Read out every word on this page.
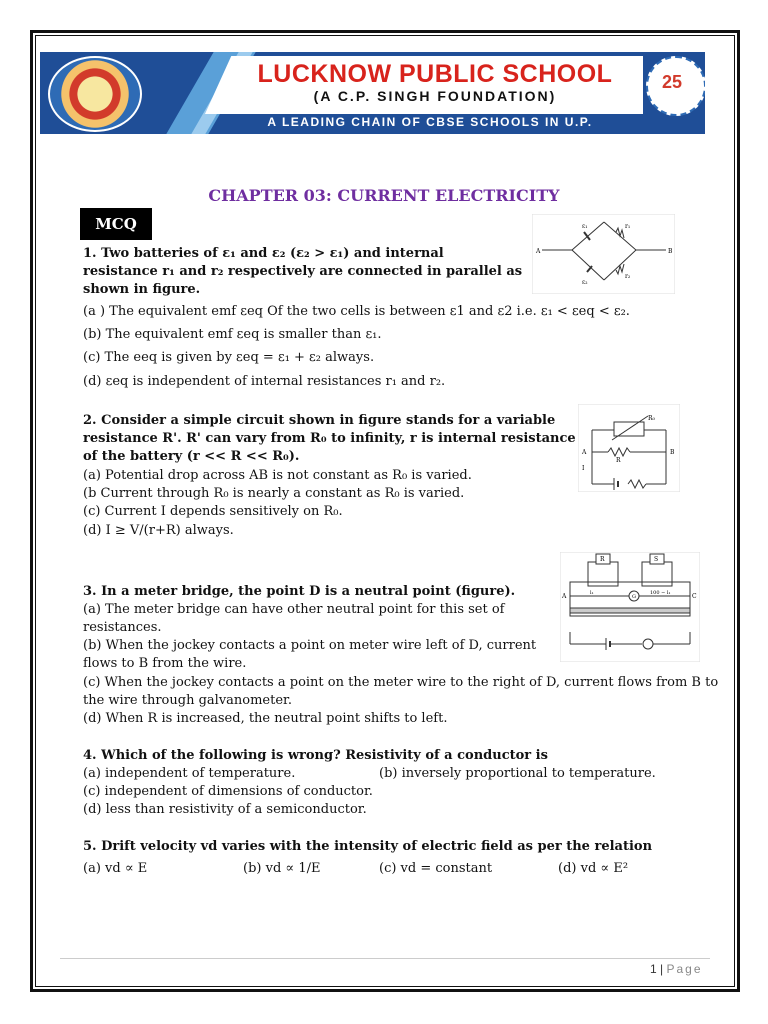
25
LUCKNOW PUBLIC SCHOOL
(A C.P. SINGH FOUNDATION)
A LEADING CHAIN OF CBSE SCHOOLS IN U.P.
CHAPTER 03: CURRENT ELECTRICITY
MCQ
1. Two batteries of ε₁ and ε₂ (ε₂ > ε₁) and internal
resistance r₁ and r₂ respectively are connected in parallel as
shown in figure.
(a ) The equivalent emf εeq Of the two cells is between ε1 and ε2 i.e. ε₁ < εeq < ε₂.
(b) The equivalent emf εeq is smaller than ε₁.
(c) The eeq is given by εeq = ε₁ + ε₂ always.
(d) εeq is independent of internal resistances r₁ and r₂.
A	B
ε₁
ε₂
r₁
r₂
2. Consider a simple circuit shown in figure stands for a variable
resistance R'. R' can vary from R₀ to infinity, r is internal resistance
of the battery (r << R << R₀).
(a) Potential drop across AB is not constant as R₀ is varied.
(b Current through R₀ is nearly a constant as R₀ is varied.
(c) Current I depends sensitively on R₀.
(d) I ≥ V/(r+R) always.
R₀
A	B
R
I
3. In a meter bridge, the point D is a neutral point (figure).
(a) The meter bridge can have other neutral point for this set of
resistances.
(b) When the jockey contacts a point on meter wire left of D, current
flows to B from the wire.
(c) When the jockey contacts a point on the meter wire to the right of D, current flows from B to
the wire through galvanometer.
(d) When R is increased, the neutral point shifts to left.
R	S
A	C
G
100 − l₁
l₁
4. Which of the following is wrong? Resistivity of a conductor is
(a) independent of temperature.	(b) inversely proportional to temperature.
(c) independent of dimensions of conductor.
(d) less than resistivity of a semiconductor.
5. Drift velocity vd varies with the intensity of electric field as per the relation
(a) vd ∝ E	(b) vd ∝ 1/E	(c) vd = constant	(d) vd ∝ E²
1 | Page
